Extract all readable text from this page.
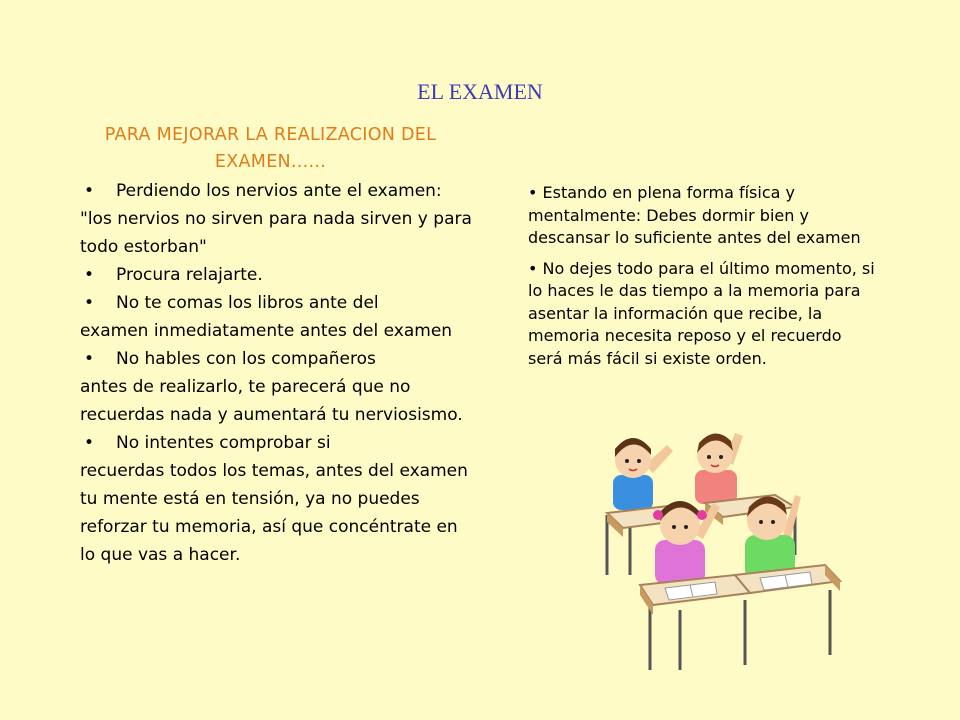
EL EXAMEN
PARA MEJORAR LA REALIZACION DEL EXAMEN......
•	Perdiendo los nervios ante el examen:
"los nervios no sirven para nada sirven y para todo estorban"
•	Procura relajarte.
•	No te comas los libros ante del
examen inmediatamente antes del examen
•	No hables con los compañeros
antes de realizarlo, te parecerá que no recuerdas nada y aumentará tu nerviosismo.
•	No intentes comprobar si
recuerdas todos los temas, antes del examen tu mente está en tensión, ya no puedes reforzar tu memoria, así que concéntrate en lo que vas a hacer.

• Estando en plena forma física y mentalmente: Debes dormir bien y descansar lo suficiente antes del examen

• No dejes todo para el último momento, si lo haces le das tiempo a la memoria para asentar la información que recibe, la memoria necesita reposo y el recuerdo será más fácil si existe orden.
